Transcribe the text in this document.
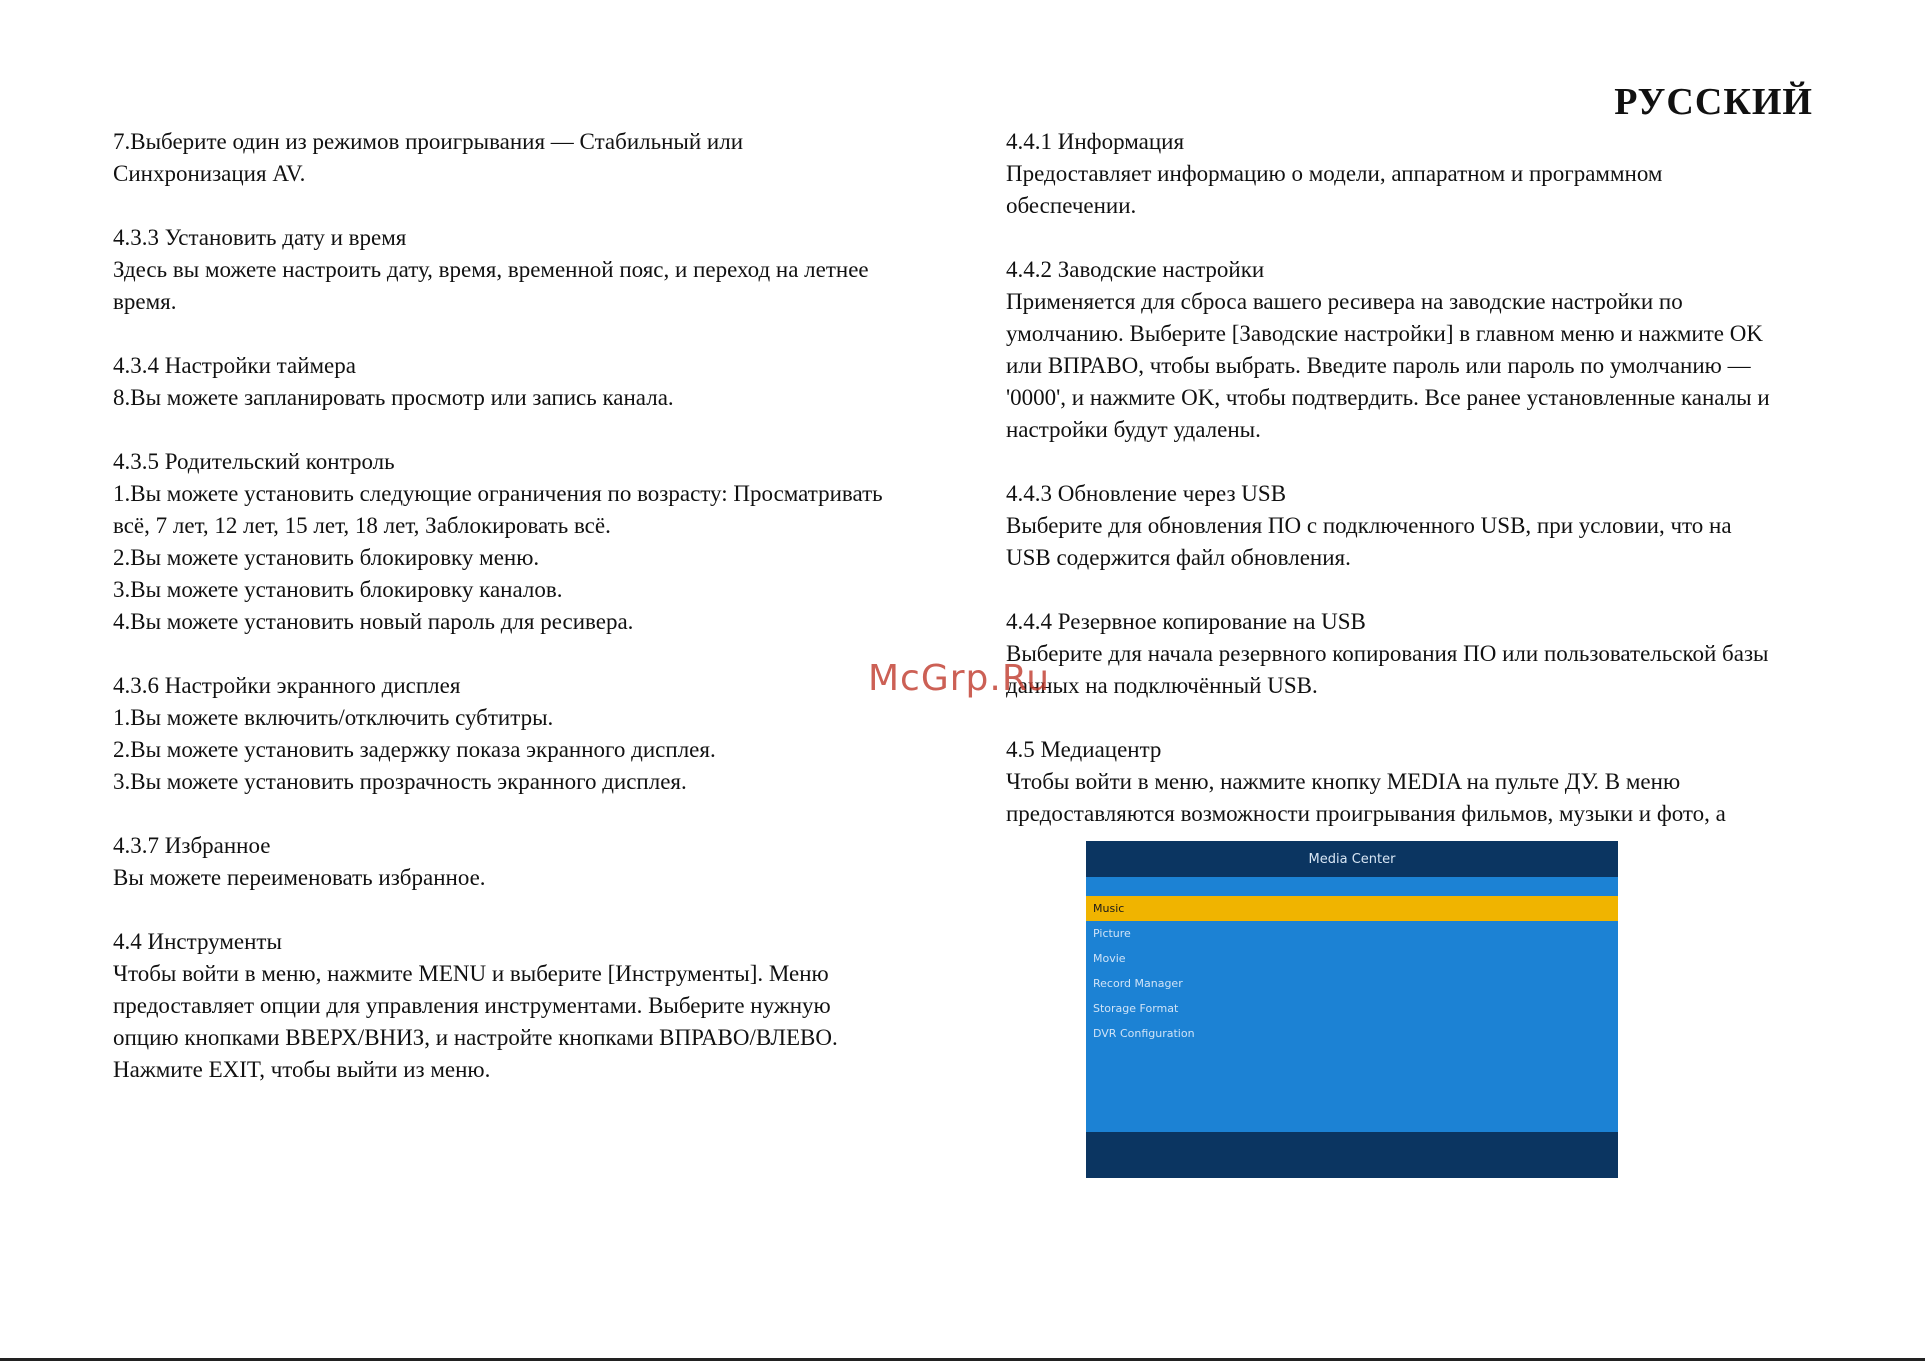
РУССКИЙ

7.Выберите один из режимов проигрывания — Стабильный или

Синхронизация AV.

4.3.3 Установить дату и время

Здесь вы можете настроить дату, время, временной пояс, и переход на летнее

время.

4.3.4 Настройки таймера

8.Вы можете запланировать просмотр или запись канала.

4.3.5 Родительский контроль

1.Вы можете установить следующие ограничения по возрасту: Просматривать

всё, 7 лет, 12 лет, 15 лет, 18 лет, Заблокировать всё.

2.Вы можете установить блокировку меню.

3.Вы можете установить блокировку каналов.

4.Вы можете установить новый пароль для ресивера.

4.3.6 Настройки экранного дисплея

1.Вы можете включить/отключить субтитры.

2.Вы можете установить задержку показа экранного дисплея.

3.Вы можете установить прозрачность экранного дисплея.

4.3.7 Избранное

Вы можете переименовать избранное.

4.4 Инструменты

Чтобы войти в меню, нажмите MENU и выберите [Инструменты]. Меню

предоставляет опции для управления инструментами. Выберите нужную

опцию кнопками ВВЕРХ/ВНИЗ, и настройте кнопками ВПРАВО/ВЛЕВО.

Нажмите EXIT, чтобы выйти из меню.

4.4.1 Информация

Предоставляет информацию о модели, аппаратном и программном

обеспечении.

4.4.2 Заводские настройки

Применяется для сброса вашего ресивера на заводские настройки по

умолчанию. Выберите [Заводские настройки] в главном меню и нажмите OK

или ВПРАВО, чтобы выбрать. Введите пароль или пароль по умолчанию —

'0000', и нажмите OK, чтобы подтвердить. Все ранее установленные каналы и

настройки будут удалены.

4.4.3 Обновление через USB

Выберите для обновления ПО с подключенного USB, при условии, что на

USB содержится файл обновления.

4.4.4 Резервное копирование на USB

Выберите для начала резервного копирования ПО или пользовательской базы

данных на подключённый USB.

4.5 Медиацентр

Чтобы войти в меню, нажмите кнопку MEDIA на пульте ДУ. В меню

предоставляются возможности проигрывания фильмов, музыки и фото, а

McGrp.Ru
Media Center
Music
Picture
Movie
Record Manager
Storage Format
DVR Configuration
